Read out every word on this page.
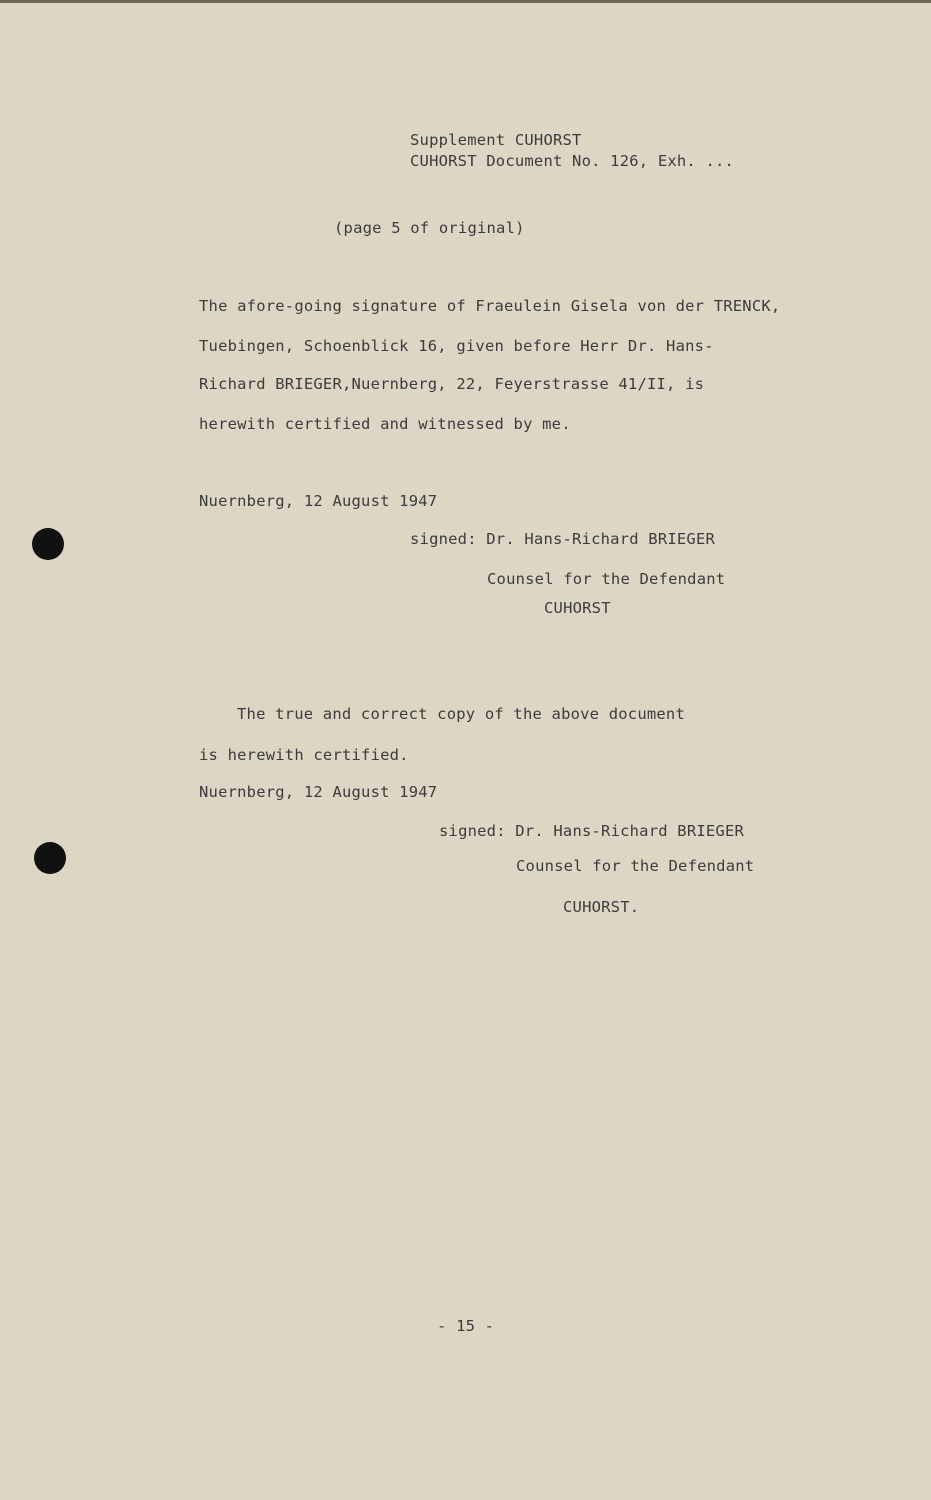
Supplement CUHORST
CUHORST Document No. 126, Exh. ...
(page 5 of original)
The afore-going signature of Fraeulein Gisela von der TRENCK,
Tuebingen, Schoenblick 16, given before Herr Dr. Hans-
Richard BRIEGER,Nuernberg, 22, Feyerstrasse 41/II, is
herewith certified and witnessed by me.
Nuernberg, 12 August 1947
signed: Dr. Hans-Richard BRIEGER
Counsel for the Defendant
CUHORST
The true and correct copy of the above document
is herewith certified.
Nuernberg, 12 August 1947
signed: Dr. Hans-Richard BRIEGER
Counsel for the Defendant
CUHORST.
- 15 -
